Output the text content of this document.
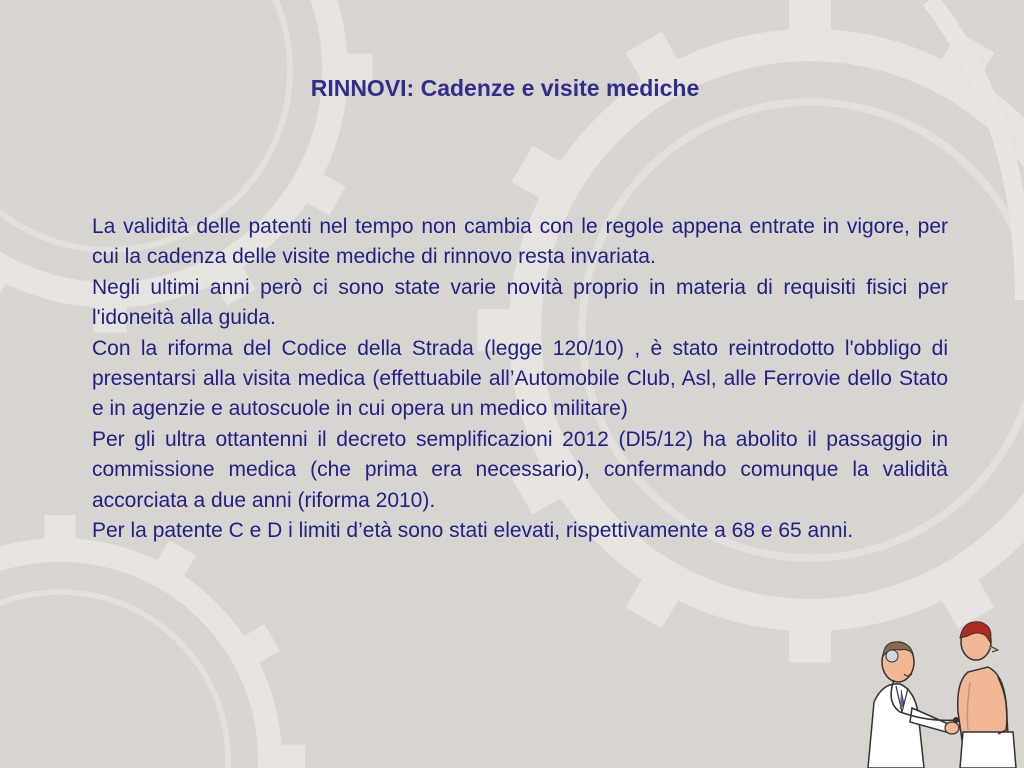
RINNOVI: Cadenze e visite mediche

La validità delle patenti nel tempo non cambia con le regole appena entrate in vigore, per cui la cadenza delle visite mediche di rinnovo resta invariata.

Negli ultimi anni però ci sono state varie novità proprio in materia di requisiti fisici per l'idoneità alla guida.

Con la riforma del Codice della Strada (legge 120/10) , è stato reintrodotto l'obbligo di presentarsi alla visita medica (effettuabile all’Automobile Club, Asl, alle Ferrovie dello Stato e in agenzie e autoscuole in cui opera un medico militare)

Per gli ultra ottantenni il decreto semplificazioni 2012 (Dl5/12) ha abolito il passaggio in commissione medica (che prima era necessario), confermando comunque la validità accorciata a due anni (riforma 2010).

Per la patente C e D i limiti d’età sono stati elevati, rispettivamente a 68 e 65 anni.
